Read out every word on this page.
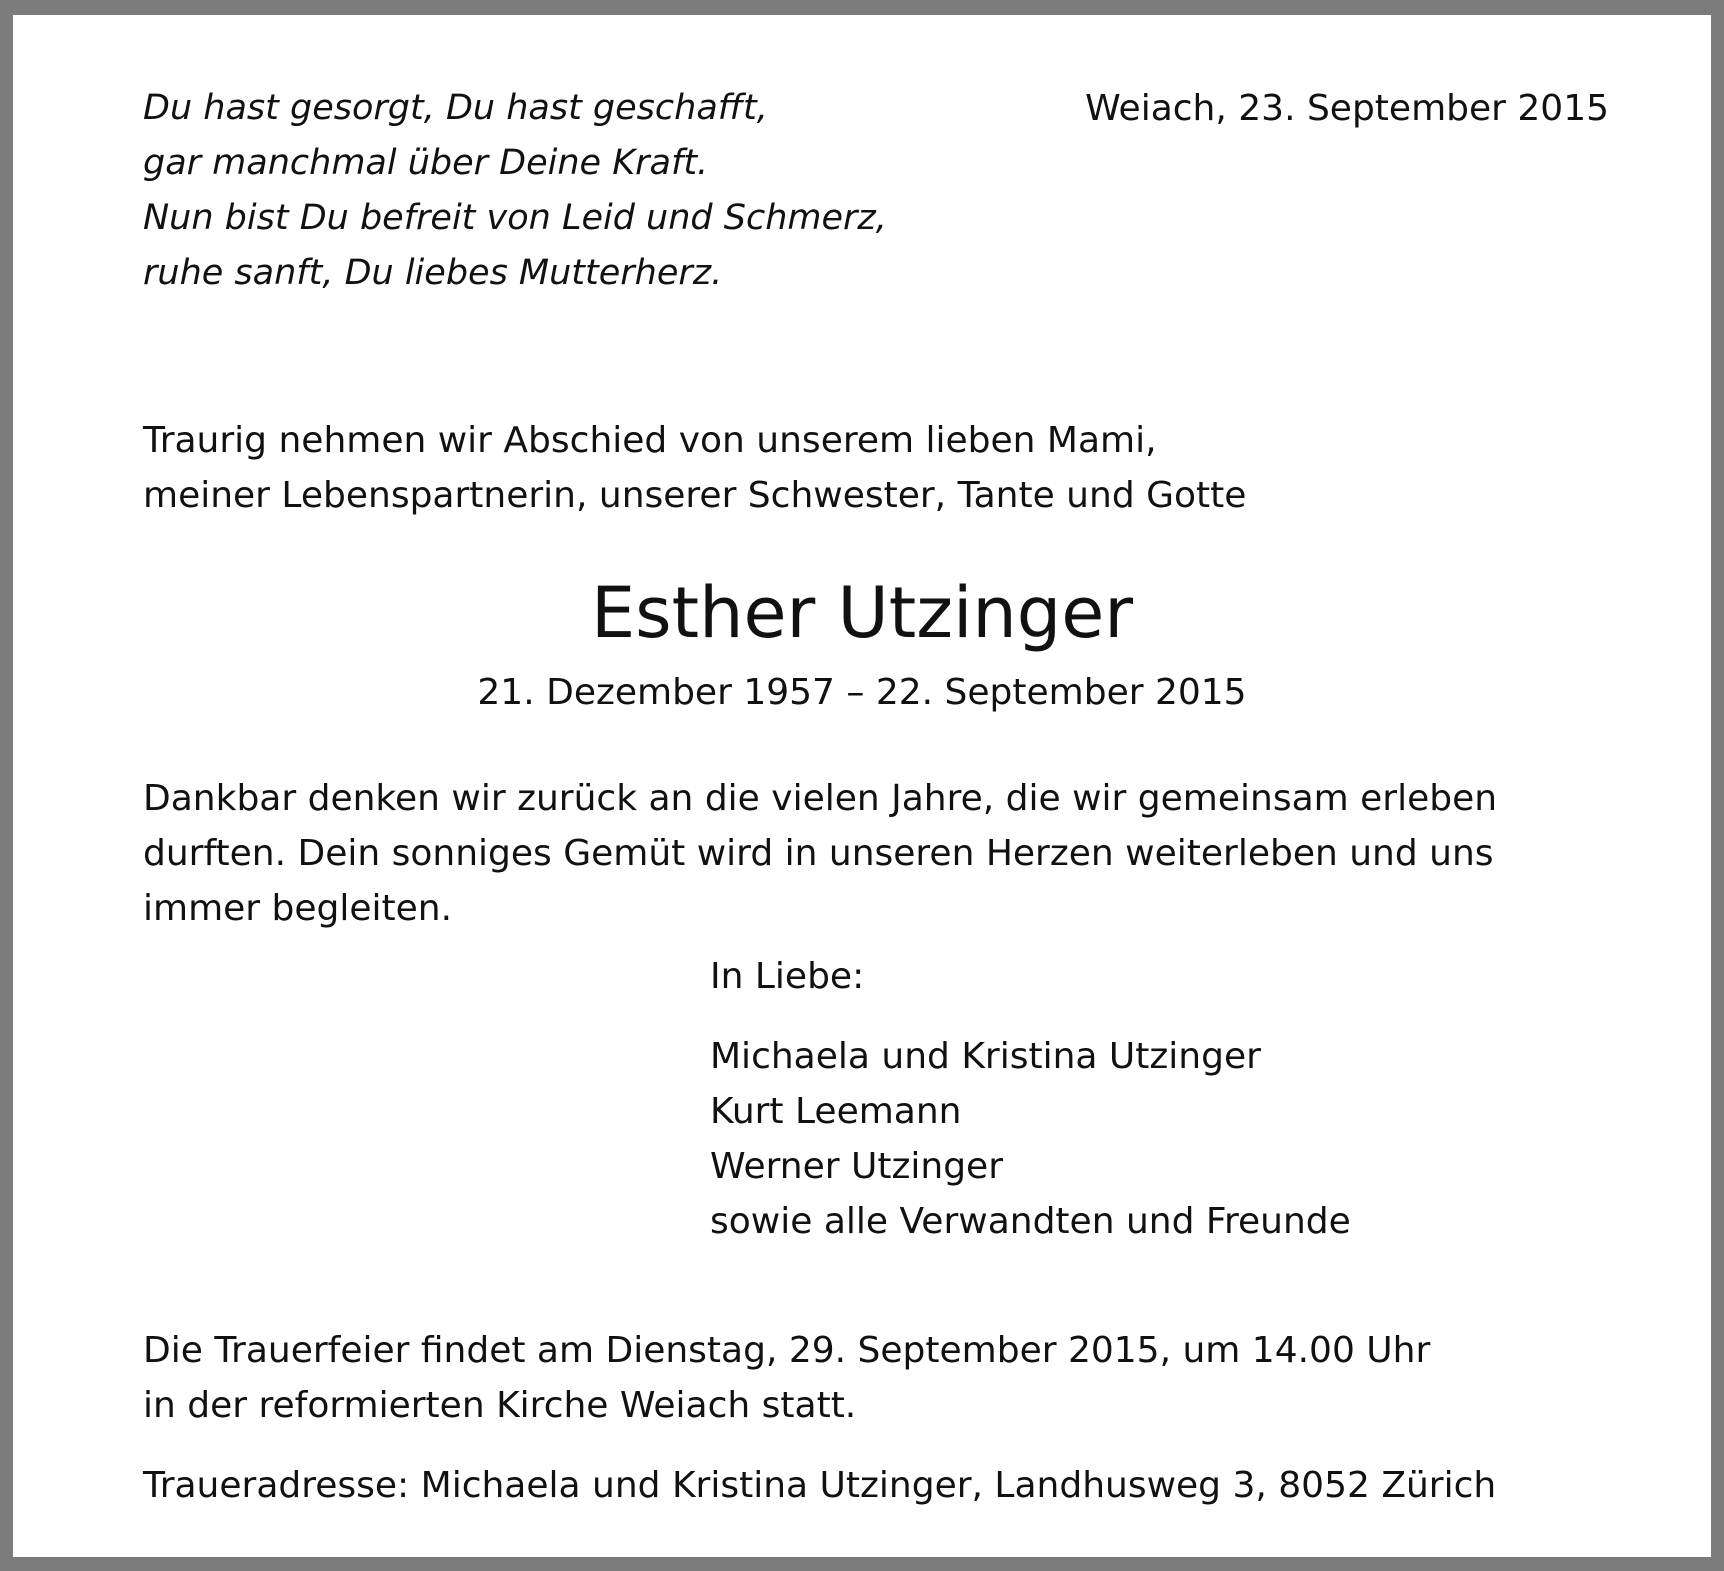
Du hast gesorgt, Du hast geschafft,
gar manchmal über Deine Kraft.
Nun bist Du befreit von Leid und Schmerz,
ruhe sanft, Du liebes Mutterherz.
Weiach, 23. September 2015
Traurig nehmen wir Abschied von unserem lieben Mami,
meiner Lebenspartnerin, unserer Schwester, Tante und Gotte
Esther Utzinger
21. Dezember 1957 – 22. September 2015
Dankbar denken wir zurück an die vielen Jahre, die wir gemeinsam erleben
durften. Dein sonniges Gemüt wird in unseren Herzen weiterleben und uns
immer begleiten.
In Liebe:
Michaela und Kristina Utzinger
Kurt Leemann
Werner Utzinger
sowie alle Verwandten und Freunde
Die Trauerfeier findet am Dienstag, 29. September 2015, um 14.00 Uhr
in der reformierten Kirche Weiach statt.
Traueradresse: Michaela und Kristina Utzinger, Landhusweg 3, 8052 Zürich
